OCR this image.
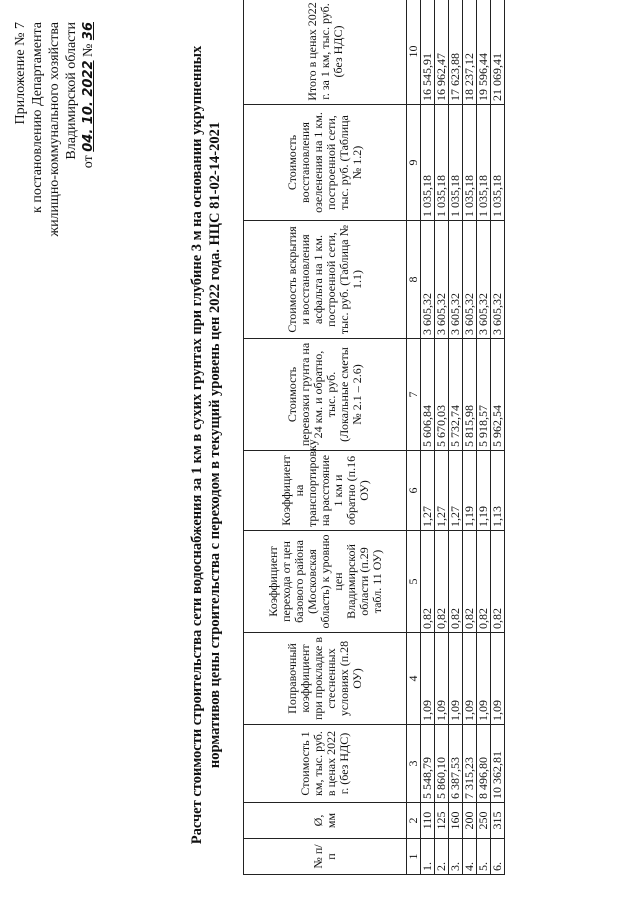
Приложение № 7 к постановлению Департамента жилищно-коммунального хозяйства Владимирской области
от 04. 10. 2022 № 36
Расчет стоимости строительства сети водоснабжения за 1 км в сухих грунтах при глубине 3 м на основании укрупненных нормативов цены строительства с переходом в текущий уровень цен 2022 года. НЦС 81-02-14-2021
№ п/п	Ø, мм	Стоимость 1 км, тыс. руб. в ценах 2022 г. (без НДС)	Поправочный коэффициент при прокладке в стесненных условиях (п.28 ОУ)	Коэффициент перехода от цен базового района (Московская область) к уровню цен Владимирской области (п.29 табл. 11 ОУ)	Коэффициент на транспортировку на расстояние 1 км и обратно (п.16 ОУ)	Стоимость перевозки грунта на 24 км. и обратно, тыс. руб. (Локальные сметы № 2.1 – 2.6)	Стоимость вскрытия и восстановления асфальта на 1 км. построенной сети, тыс. руб. (Таблица № 1.1)	Стоимость восстановления озеленения на 1 км. построенной сети, тыс. руб. (Таблица № 1.2)	Итого в ценах 2022 г. за 1 км, тыс. руб. (без НДС)
1	2	3	4	5	6	7	8	9	10
1.	110	5 548,79	1,09	0,82	1,27	5 606,84	3 605,32	1 035,18	16 545,91
2.	125	5 860,10	1,09	0,82	1,27	5 670,03	3 605,32	1 035,18	16 962,47
3.	160	6 387,53	1,09	0,82	1,27	5 732,74	3 605,32	1 035,18	17 623,88
4.	200	7 315,23	1,09	0,82	1,19	5 815,98	3 605,32	1 035,18	18 237,12
5.	250	8 496,80	1,09	0,82	1,19	5 918,57	3 605,32	1 035,18	19 596,44
6.	315	10 362,81	1,09	0,82	1,13	5 962,54	3 605,32	1 035,18	21 069,41
